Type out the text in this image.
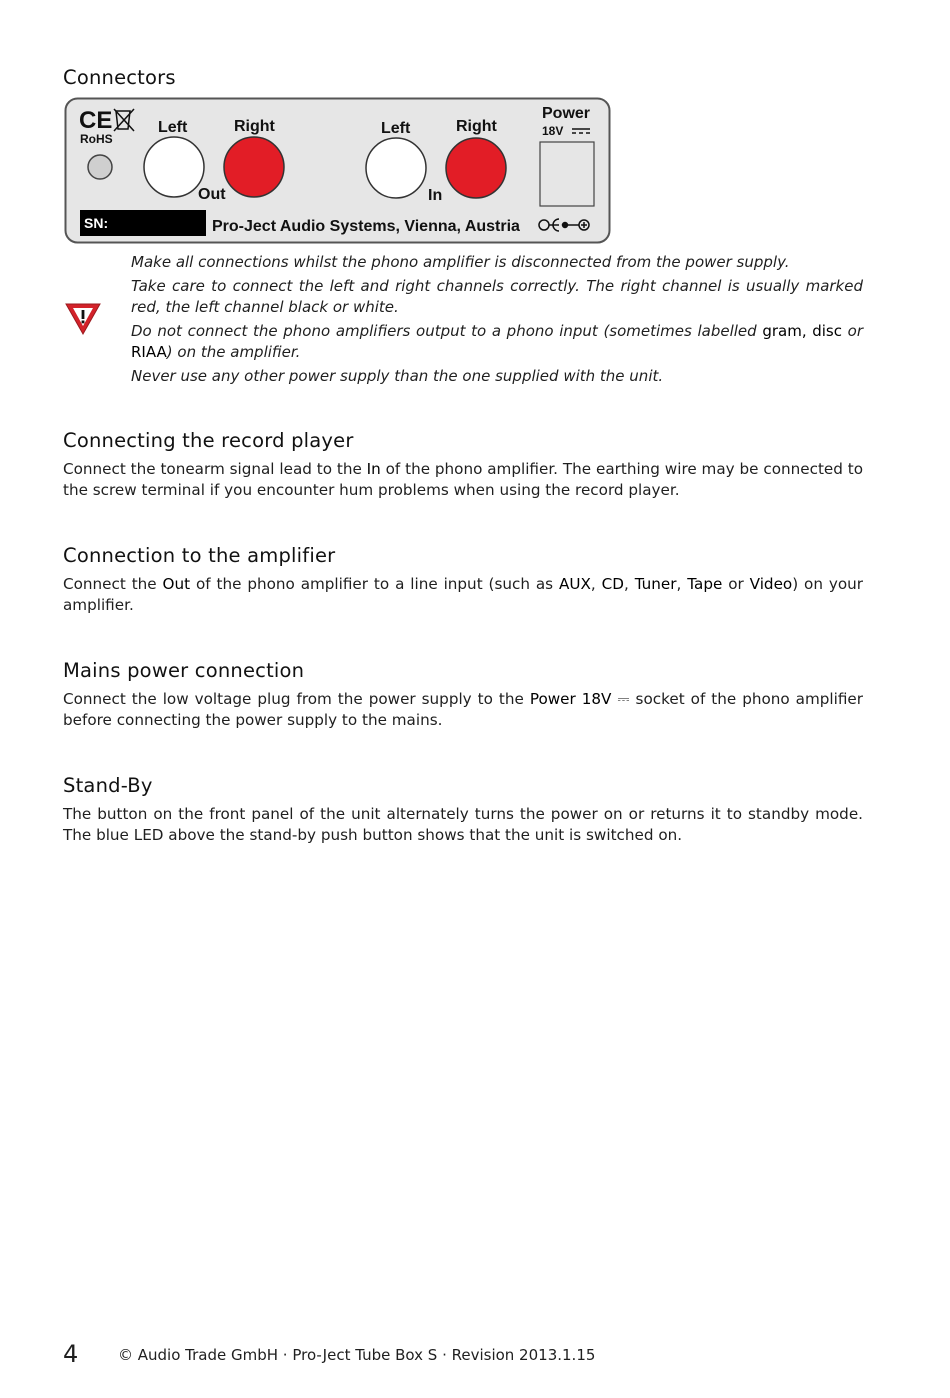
Connectors
CE
RoHS
Left	Right
Out
Left	Right
In
Power
18V
SN:	Pro-Ject Audio Systems, Vienna, Austria

Make all connections whilst the phono amplifier is disconnected from the power supply.

Take care to connect the left and right channels correctly. The right channel is usually marked red, the left channel black or white.

Do not connect the phono amplifiers output to a phono input (sometimes labelled gram, disc or RIAA) on the amplifier.

Never use any other power supply than the one supplied with the unit.

Connecting the record player

Connect the tonearm signal lead to the In of the phono amplifier. The earthing wire may be connected to the screw terminal if you encounter hum problems when using the record player.

Connection to the amplifier

Connect the Out of the phono amplifier to a line input (such as AUX, CD, Tuner, Tape or Video) on your amplifier.

Mains power connection

Connect the low voltage plug from the power supply to the Power 18V ⎓ socket of the phono amplifier before connecting the power supply to the mains.

Stand-By

The button on the front panel of the unit alternately turns the power on or returns it to standby mode. The blue LED above the stand-by push button shows that the unit is switched on.

4	© Audio Trade GmbH · Pro-Ject Tube Box S · Revision 2013.1.15
